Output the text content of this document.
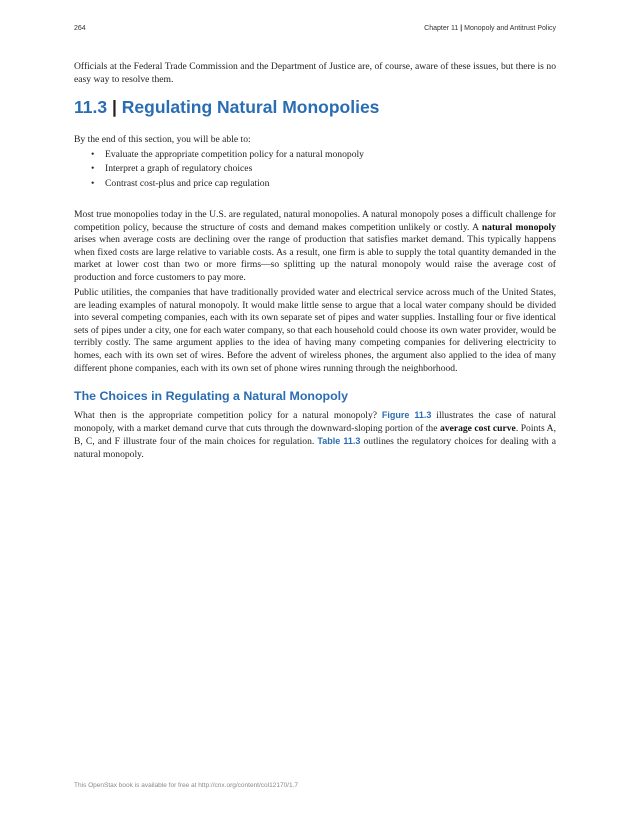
264	Chapter 11 | Monopoly and Antitrust Policy

Officials at the Federal Trade Commission and the Department of Justice are, of course, aware of these issues, but there is no easy way to resolve them.

11.3 | Regulating Natural Monopolies

By the end of this section, you will be able to:

• Evaluate the appropriate competition policy for a natural monopoly
• Interpret a graph of regulatory choices
• Contrast cost-plus and price cap regulation

Most true monopolies today in the U.S. are regulated, natural monopolies. A natural monopoly poses a difficult challenge for competition policy, because the structure of costs and demand makes competition unlikely or costly. A natural monopoly arises when average costs are declining over the range of production that satisfies market demand. This typically happens when fixed costs are large relative to variable costs. As a result, one firm is able to supply the total quantity demanded in the market at lower cost than two or more firms—so splitting up the natural monopoly would raise the average cost of production and force customers to pay more.

Public utilities, the companies that have traditionally provided water and electrical service across much of the United States, are leading examples of natural monopoly. It would make little sense to argue that a local water company should be divided into several competing companies, each with its own separate set of pipes and water supplies. Installing four or five identical sets of pipes under a city, one for each water company, so that each household could choose its own water provider, would be terribly costly. The same argument applies to the idea of having many competing companies for delivering electricity to homes, each with its own set of wires. Before the advent of wireless phones, the argument also applied to the idea of many different phone companies, each with its own set of phone wires running through the neighborhood.

The Choices in Regulating a Natural Monopoly

What then is the appropriate competition policy for a natural monopoly? Figure 11.3 illustrates the case of natural monopoly, with a market demand curve that cuts through the downward-sloping portion of the average cost curve. Points A, B, C, and F illustrate four of the main choices for regulation. Table 11.3 outlines the regulatory choices for dealing with a natural monopoly.

This OpenStax book is available for free at http://cnx.org/content/col12170/1.7
